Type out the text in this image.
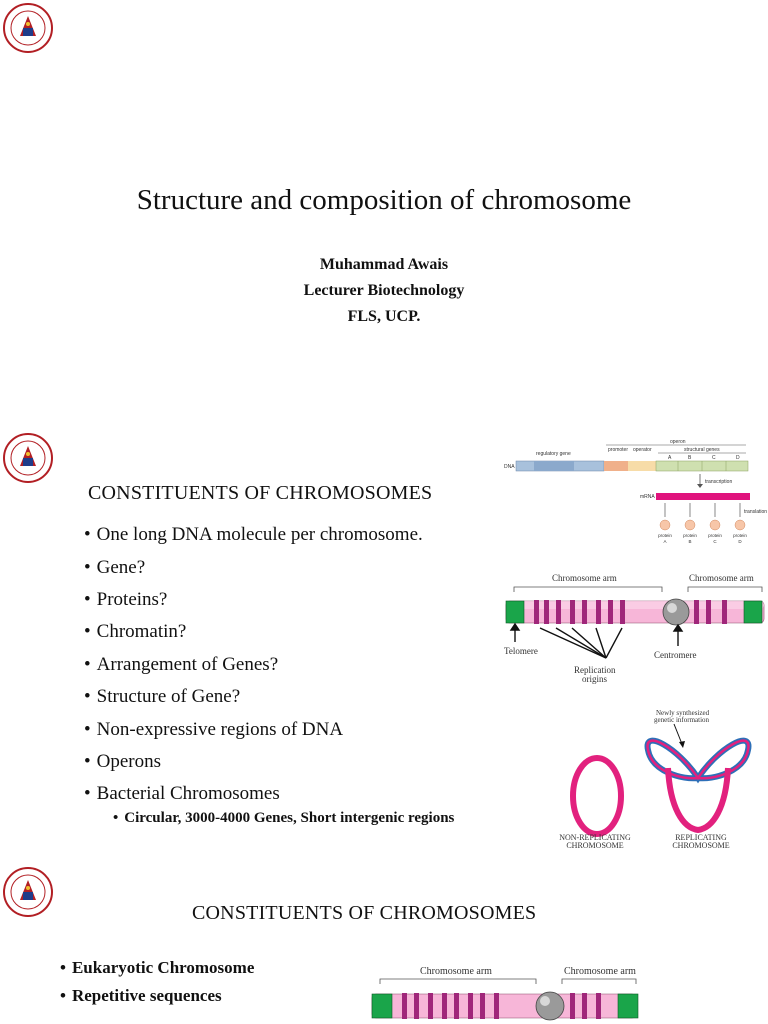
Structure and composition of chromosome
Muhammad Awais
Lecturer Biotechnology
FLS, UCP.
CONSTITUENTS OF CHROMOSOMES
• One long DNA molecule per chromosome.
• Gene?
• Proteins?
• Chromatin?
• Arrangement of Genes?
• Structure of Gene?
• Non-expressive regions of DNA
• Operons
• Bacterial Chromosomes
• Circular, 3000-4000 Genes, Short intergenic regions
operon
regulatory gene
promoter operator	structural genes
A	B	C	D
DNA
transcription
mRNA
translation
protein
A
protein
B
protein
C
protein
D
Chromosome arm	Chromosome arm
Telomere
Replication
origins
Centromere
Newly synthesized
genetic information
NON-REPLICATING
CHROMOSOME
REPLICATING
CHROMOSOME
CONSTITUENTS OF CHROMOSOMES
• Eukaryotic Chromosome
• Repetitive sequences
Chromosome arm	Chromosome arm
